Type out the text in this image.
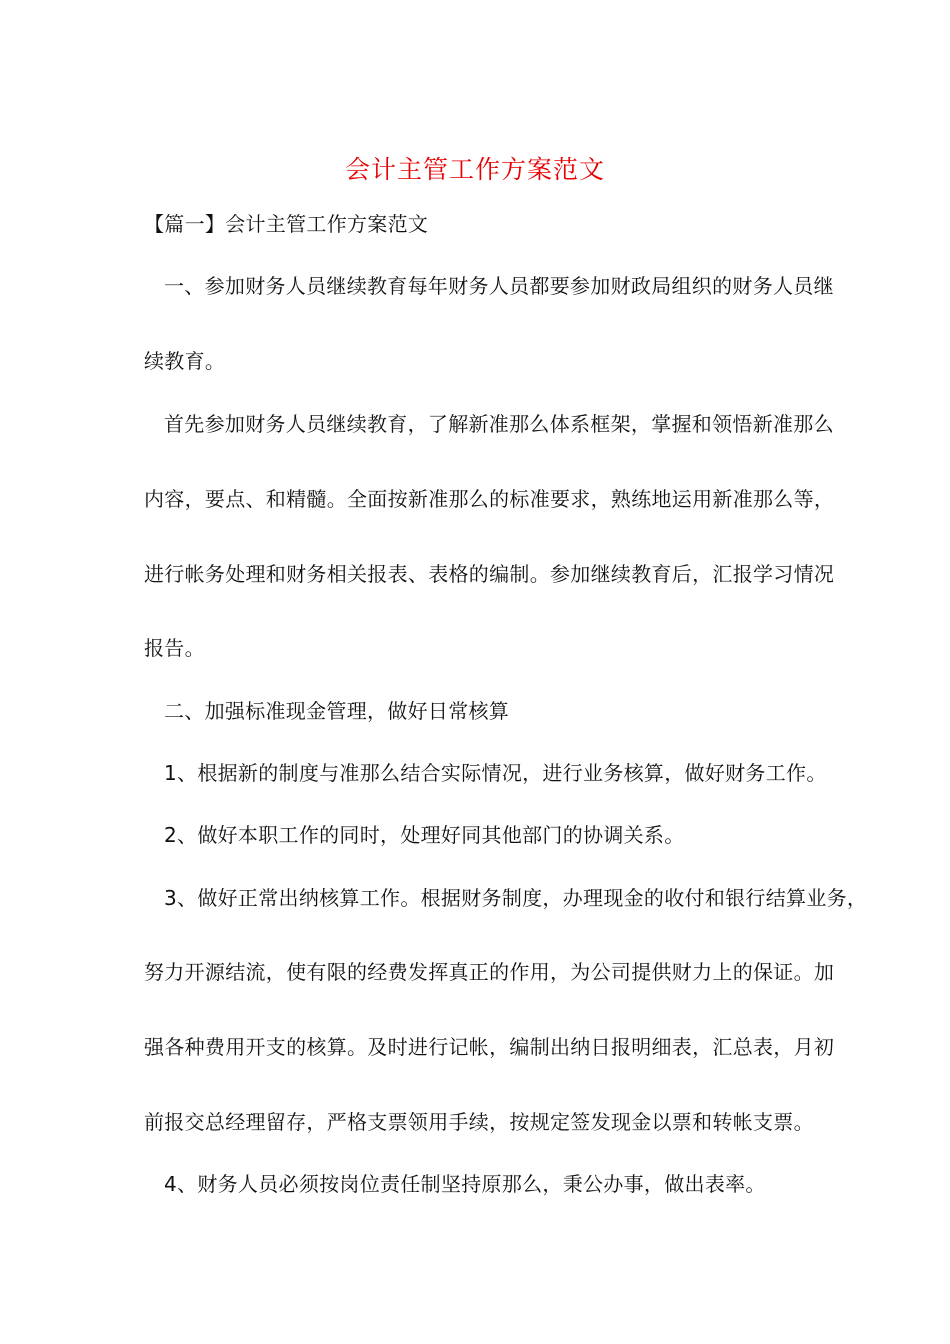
会计主管工作方案范文
【篇一】会计主管工作方案范文
一、参加财务人员继续教育每年财务人员都要参加财政局组织的财务人员继
续教育。
首先参加财务人员继续教育，了解新准那么体系框架，掌握和领悟新准那么
内容，要点、和精髓。全面按新准那么的标准要求，熟练地运用新准那么等，
进行帐务处理和财务相关报表、表格的编制。参加继续教育后，汇报学习情况
报告。
二、加强标准现金管理，做好日常核算
1、根据新的制度与准那么结合实际情况，进行业务核算，做好财务工作。
2、做好本职工作的同时，处理好同其他部门的协调关系。
3、做好正常出纳核算工作。根据财务制度，办理现金的收付和银行结算业务，
努力开源结流，使有限的经费发挥真正的作用，为公司提供财力上的保证。加
强各种费用开支的核算。及时进行记帐，编制出纳日报明细表，汇总表，月初
前报交总经理留存，严格支票领用手续，按规定签发现金以票和转帐支票。
4、财务人员必须按岗位责任制坚持原那么，秉公办事，做出表率。
